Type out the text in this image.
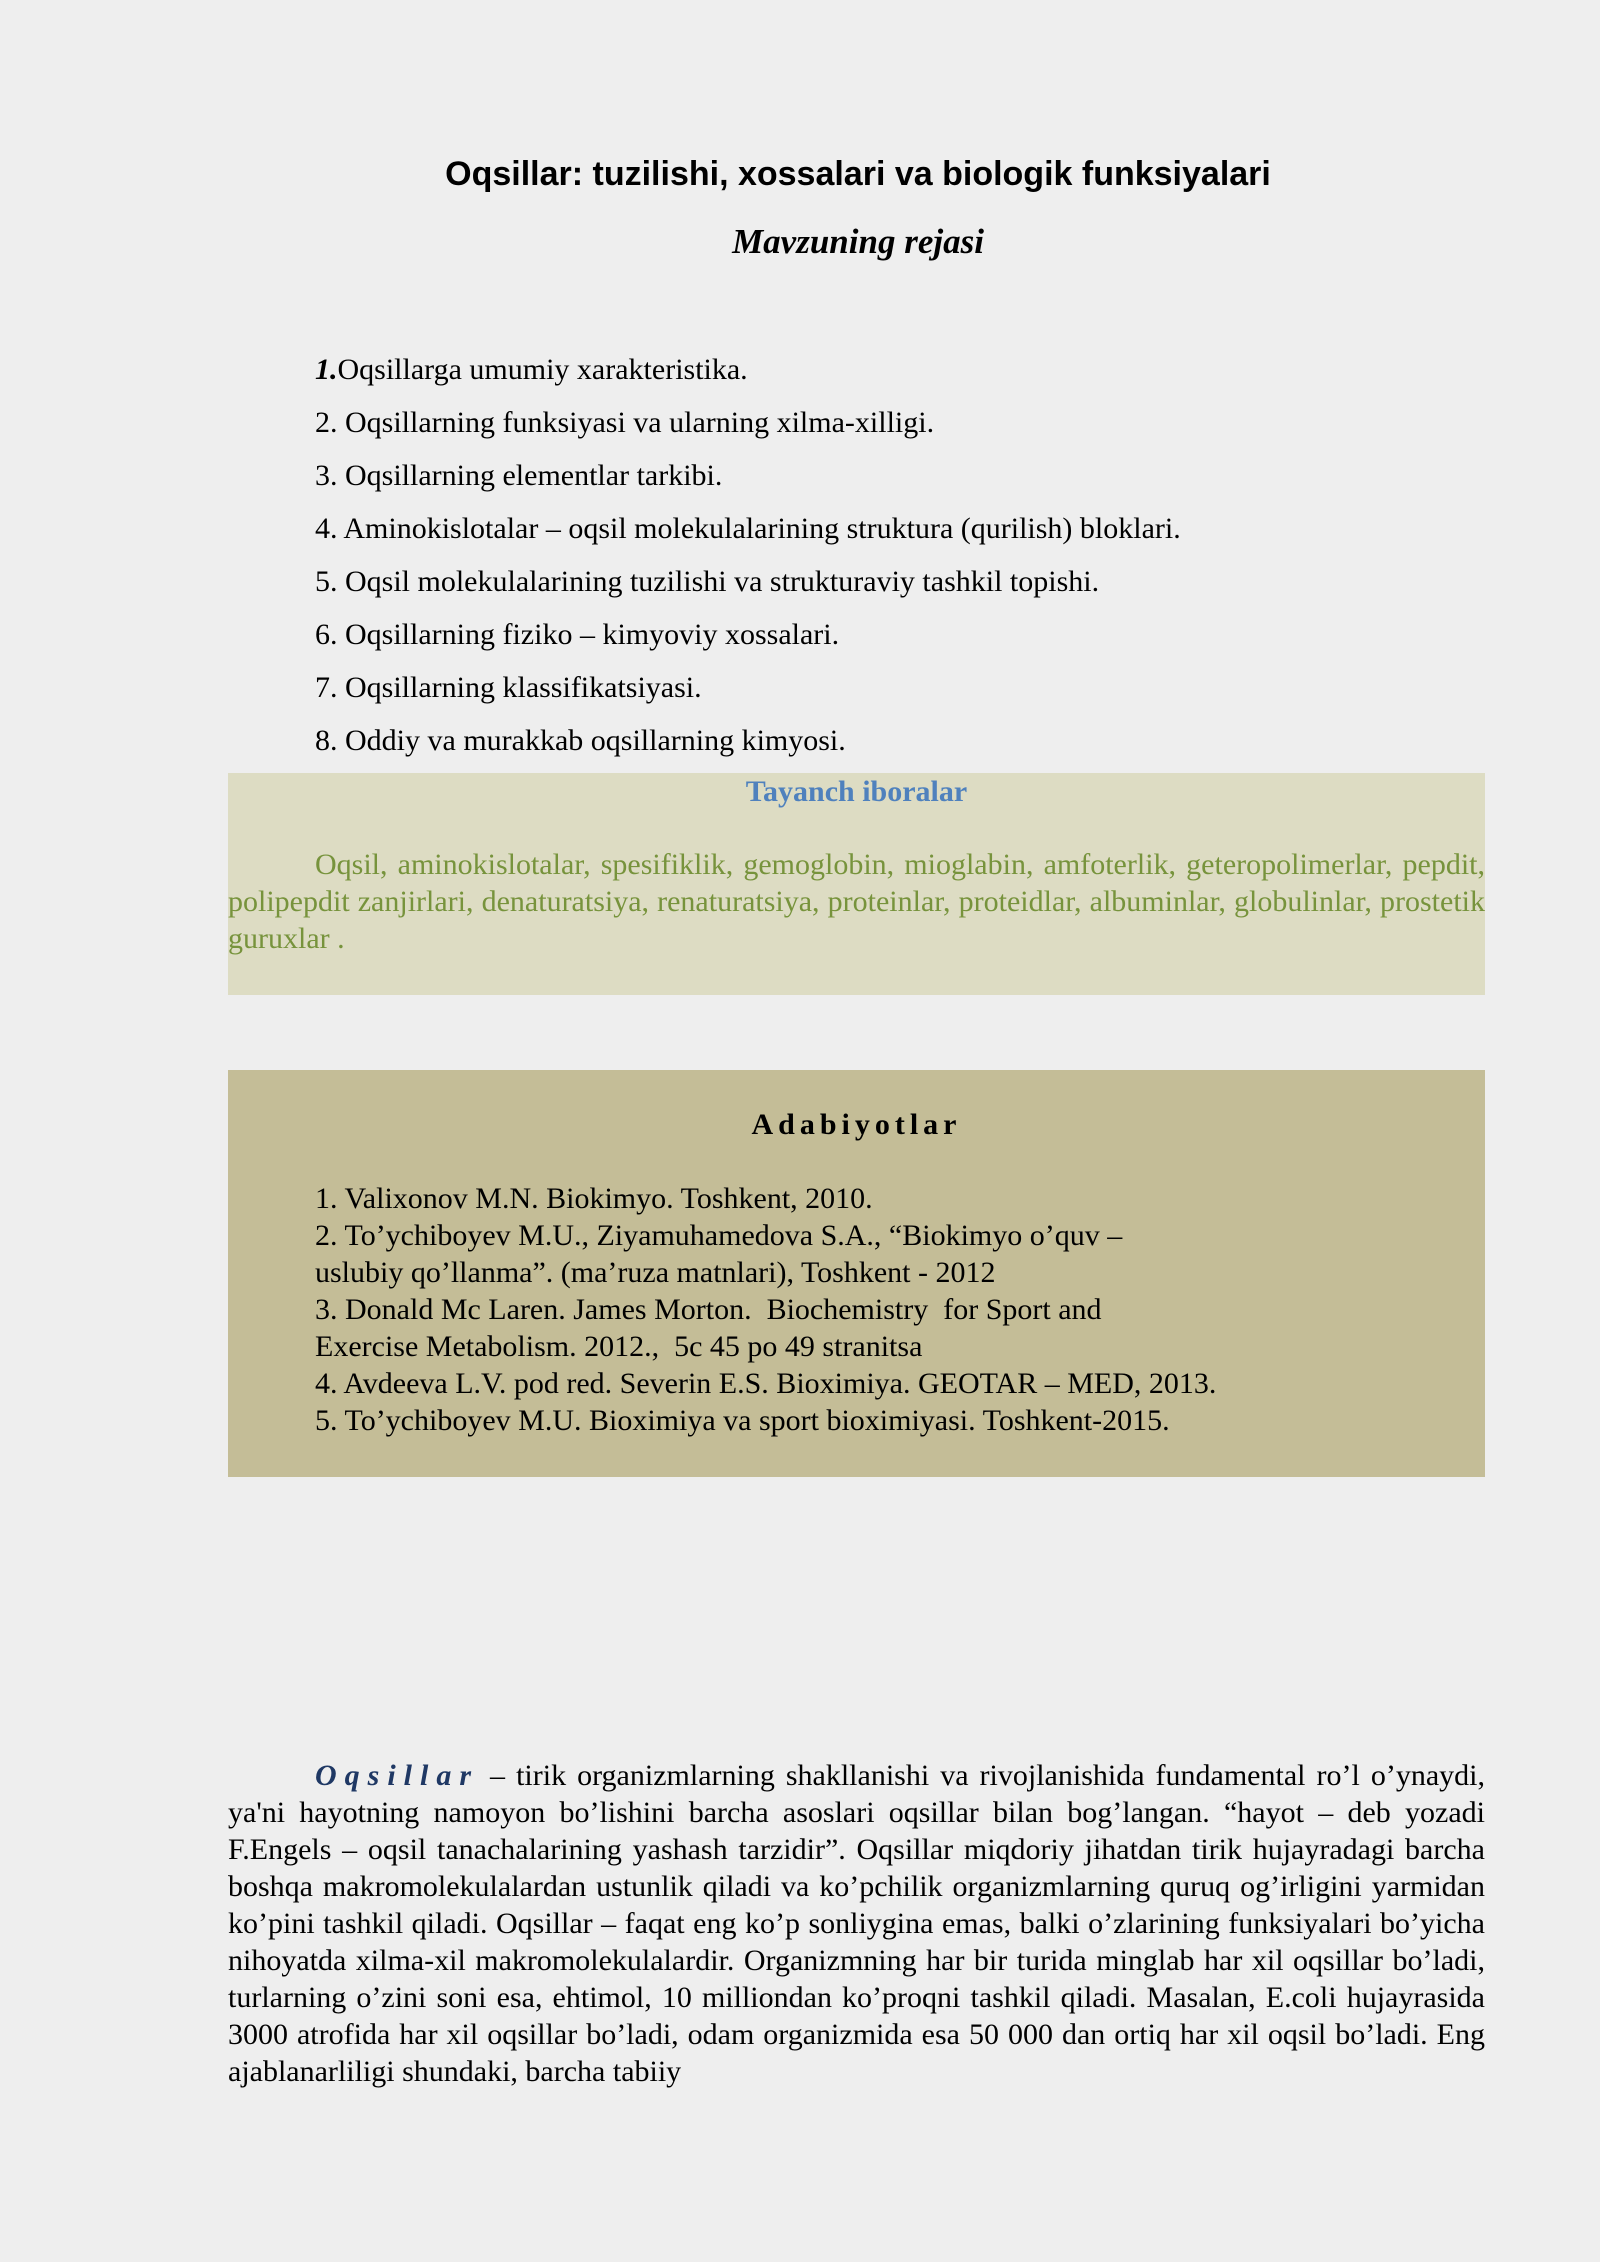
Oqsillar: tuzilishi, xossalari va biologik funksiyalari
Mavzuning rejasi
1.Oqsillarga umumiy xarakteristika.
2. Oqsillarning funksiyasi va ularning xilma-xilligi.
3. Oqsillarning elementlar tarkibi.
4. Aminokislotalar – oqsil molekulalarining struktura (qurilish) bloklari.
5. Oqsil molekulalarining tuzilishi va strukturaviy tashkil topishi.
6. Oqsillarning fiziko – kimyoviy xossalari.
7. Oqsillarning klassifikatsiyasi.
8. Oddiy va murakkab oqsillarning kimyosi.
Tayanch iboralar

Oqsil, aminokislotalar, spesifiklik, gemoglobin, mioglabin, amfoterlik, geteropolimerlar, pepdit, polipepdit zanjirlari, denaturatsiya, renaturatsiya, proteinlar, proteidlar, albuminlar, globulinlar, prostetik guruxlar .

Adabiyotlar
1. Valixonov M.N. Biokimyo. Toshkent, 2010.
2. To’ychiboyev M.U., Ziyamuhamedova S.A., “Biokimyo o’quv –
uslubiy qo’llanma”. (ma’ruza matnlari), Toshkent - 2012
3. Donald Mc Laren. James Morton.  Biochemistry  for Sport and
Exercise Metabolism. 2012.,  5c 45 po 49 stranitsa
4. Avdeeva L.V. pod red. Severin E.S. Bioximiya. GEOTAR – MED, 2013.
5. To’ychiboyev M.U. Bioximiya va sport bioximiyasi. Toshkent-2015.

Oqsillar – tirik organizmlarning shakllanishi va rivojlanishida fundamental ro’l o’ynaydi, ya'ni hayotning namoyon bo’lishini barcha asoslari oqsillar bilan bog’langan. “hayot – deb yozadi F.Engels – oqsil tanachalarining yashash tarzidir”. Oqsillar miqdoriy jihatdan tirik hujayradagi barcha boshqa makromolekulalardan ustunlik qiladi va ko’pchilik organizmlarning quruq og’irligini yarmidan ko’pini tashkil qiladi. Oqsillar – faqat eng ko’p sonliygina emas, balki o’zlarining funksiyalari bo’yicha nihoyatda xilma-xil makromolekulalardir. Organizmning har bir turida minglab har xil oqsillar bo’ladi, turlarning o’zini soni esa, ehtimol, 10 milliondan ko’proqni tashkil qiladi. Masalan, E.coli hujayrasida 3000 atrofida har xil oqsillar bo’ladi, odam organizmida esa 50 000 dan ortiq har xil oqsil bo’ladi. Eng ajablanarliligi shundaki, barcha tabiiy
